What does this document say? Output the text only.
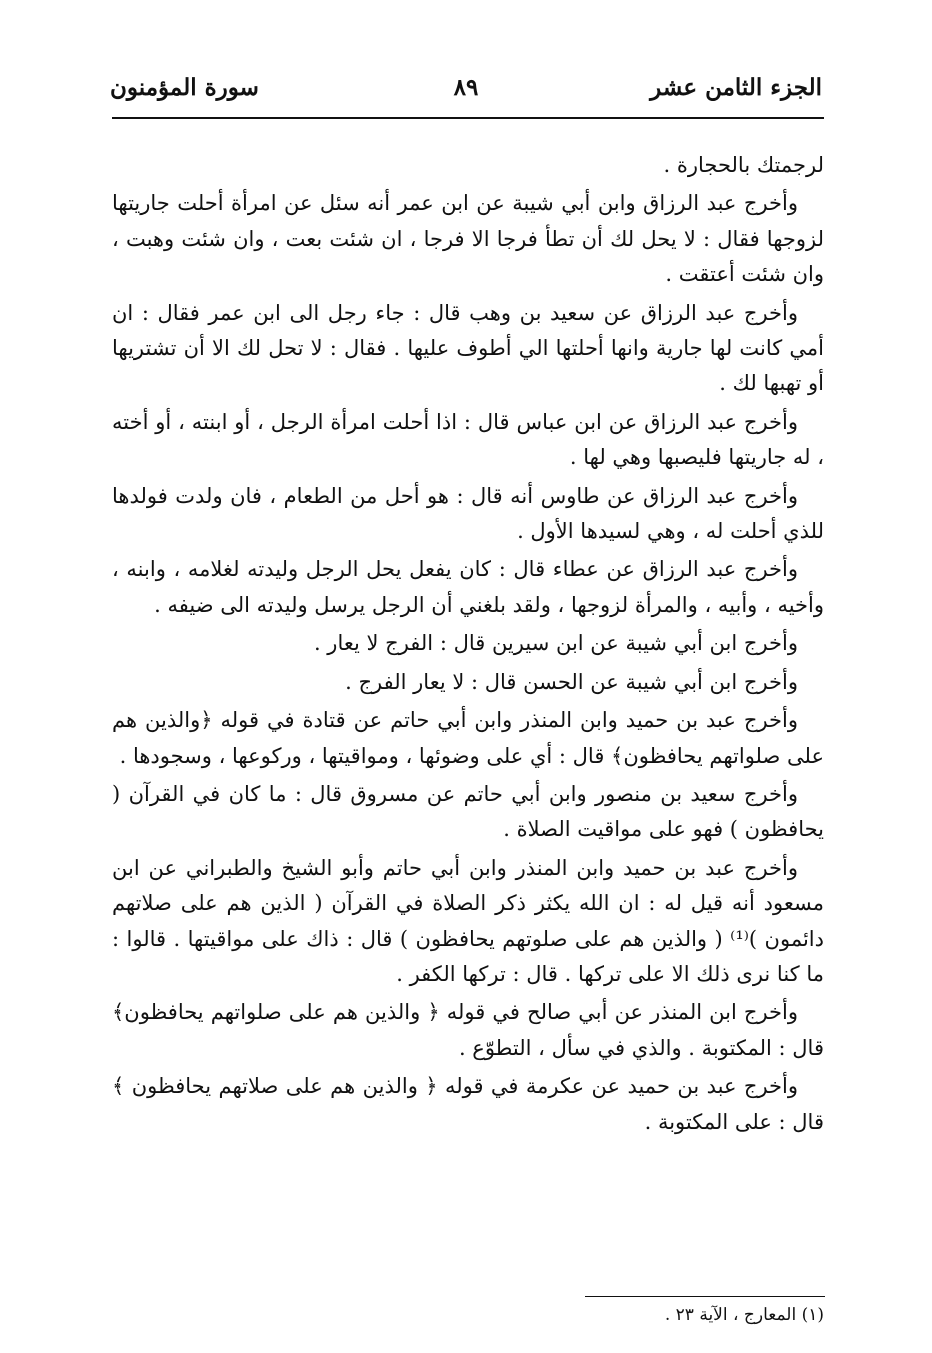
الجزء الثامن عشر
٨٩
سورة المؤمنون

لرجمتك بالحجارة .

وأخرج عبد الرزاق وابن أبي شيبة عن ابن عمر أنه سئل عن امرأة أحلت جاريتها لزوجها فقال : لا يحل لك أن تطأ فرجا الا فرجا ، ان شئت بعت ، وان شئت وهبت ، وان شئت أعتقت .

وأخرج عبد الرزاق عن سعيد بن وهب قال : جاء رجل الى ابن عمر فقال : ان أمي كانت لها جارية وانها أحلتها الي أطوف عليها . فقال : لا تحل لك الا أن تشتريها أو تهبها لك .

وأخرج عبد الرزاق عن ابن عباس قال : اذا أحلت امرأة الرجل ، أو ابنته ، أو أخته ، له جاريتها فليصبها وهي لها .

وأخرج عبد الرزاق عن طاوس أنه قال : هو أحل من الطعام ، فان ولدت فولدها للذي أحلت له ، وهي لسيدها الأول .

وأخرج عبد الرزاق عن عطاء قال : كان يفعل يحل الرجل وليدته لغلامه ، وابنه ، وأخيه ، وأبيه ، والمرأة لزوجها ، ولقد بلغني أن الرجل يرسل وليدته الى ضيفه .

وأخرج ابن أبي شيبة عن ابن سيرين قال : الفرج لا يعار .

وأخرج ابن أبي شيبة عن الحسن قال : لا يعار الفرج .

وأخرج عبد بن حميد وابن المنذر وابن أبي حاتم عن قتادة في قوله ﴿والذين هم على صلواتهم يحافظون﴾ قال : أي على وضوئها ، ومواقيتها ، وركوعها ، وسجودها .

وأخرج سعيد بن منصور وابن أبي حاتم عن مسروق قال : ما كان في القرآن ( يحافظون ) فهو على مواقيت الصلاة .

وأخرج عبد بن حميد وابن المنذر وابن أبي حاتم وأبو الشيخ والطبراني عن ابن مسعود أنه قيل له : ان الله يكثر ذكر الصلاة في القرآن ( الذين هم على صلاتهم دائمون )⁽¹⁾ ( والذين هم على صلوتهم يحافظون ) قال : ذاك على مواقيتها . قالوا : ما كنا نرى ذلك الا على تركها . قال : تركها الكفر .

وأخرج ابن المنذر عن أبي صالح في قوله ﴿ والذين هم على صلواتهم يحافظون﴾ قال : المكتوبة . والذي في سأل ، التطوّع .

وأخرج عبد بن حميد عن عكرمة في قوله ﴿ والذين هم على صلاتهم يحافظون ﴾ قال : على المكتوبة .

(١) المعارج ، الآية ٢٣ .
